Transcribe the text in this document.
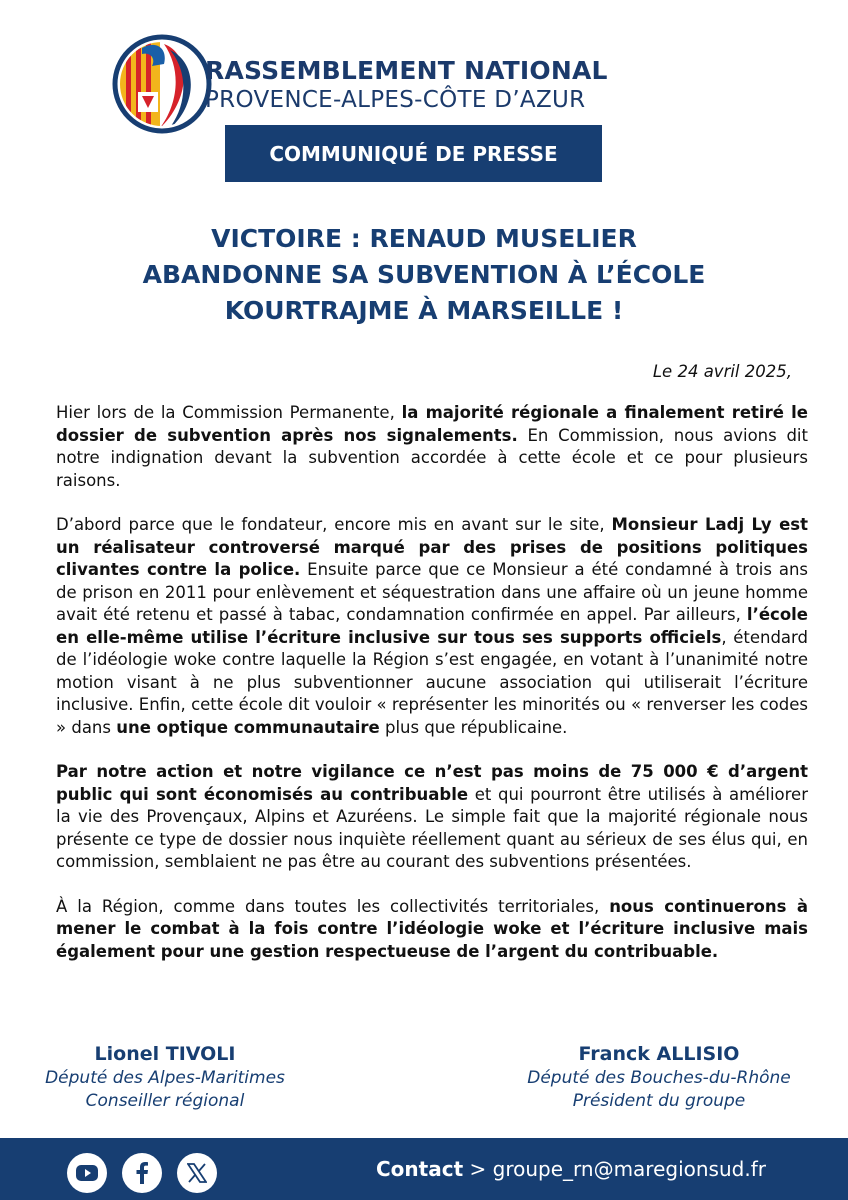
RASSEMBLEMENT NATIONAL
PROVENCE-ALPES-CÔTE D’AZUR
COMMUNIQUÉ DE PRESSE
VICTOIRE : RENAUD MUSELIER
ABANDONNE SA SUBVENTION À L’ÉCOLE
KOURTRAJME À MARSEILLE !
Le 24 avril 2025,

Hier lors de la Commission Permanente, la majorité régionale a finalement retiré le dossier de subvention après nos signalements. En Commission, nous avions dit notre indignation devant la subvention accordée à cette école et ce pour plusieurs raisons.

D’abord parce que le fondateur, encore mis en avant sur le site, Monsieur Ladj Ly est un réalisateur controversé marqué par des prises de positions politiques clivantes contre la police. Ensuite parce que ce Monsieur a été condamné à trois ans de prison en 2011 pour enlèvement et séquestration dans une affaire où un jeune homme avait été retenu et passé à tabac, condamnation confirmée en appel. Par ailleurs, l’école en elle-même utilise l’écriture inclusive sur tous ses supports officiels, étendard de l’idéologie woke contre laquelle la Région s’est engagée, en votant à l’unanimité notre motion visant à ne plus subventionner aucune association qui utiliserait l’écriture inclusive. Enfin, cette école dit vouloir « représenter les minorités ou « renverser les codes » dans une optique communautaire plus que républicaine.

Par notre action et notre vigilance ce n’est pas moins de 75 000 € d’argent public qui sont économisés au contribuable et qui pourront être utilisés à améliorer la vie des Provençaux, Alpins et Azuréens. Le simple fait que la majorité régionale nous présente ce type de dossier nous inquiète réellement quant au sérieux de ses élus qui, en commission, semblaient ne pas être au courant des subventions présentées.

À la Région, comme dans toutes les collectivités territoriales, nous continuerons à mener le combat à la fois contre l’idéologie woke et l’écriture inclusive mais également pour une gestion respectueuse de l’argent du contribuable.

Lionel TIVOLI
Député des Alpes-Maritimes
Conseiller régional
Franck ALLISIO
Député des Bouches-du-Rhône
Président du groupe
Contact > groupe_rn@maregionsud.fr
